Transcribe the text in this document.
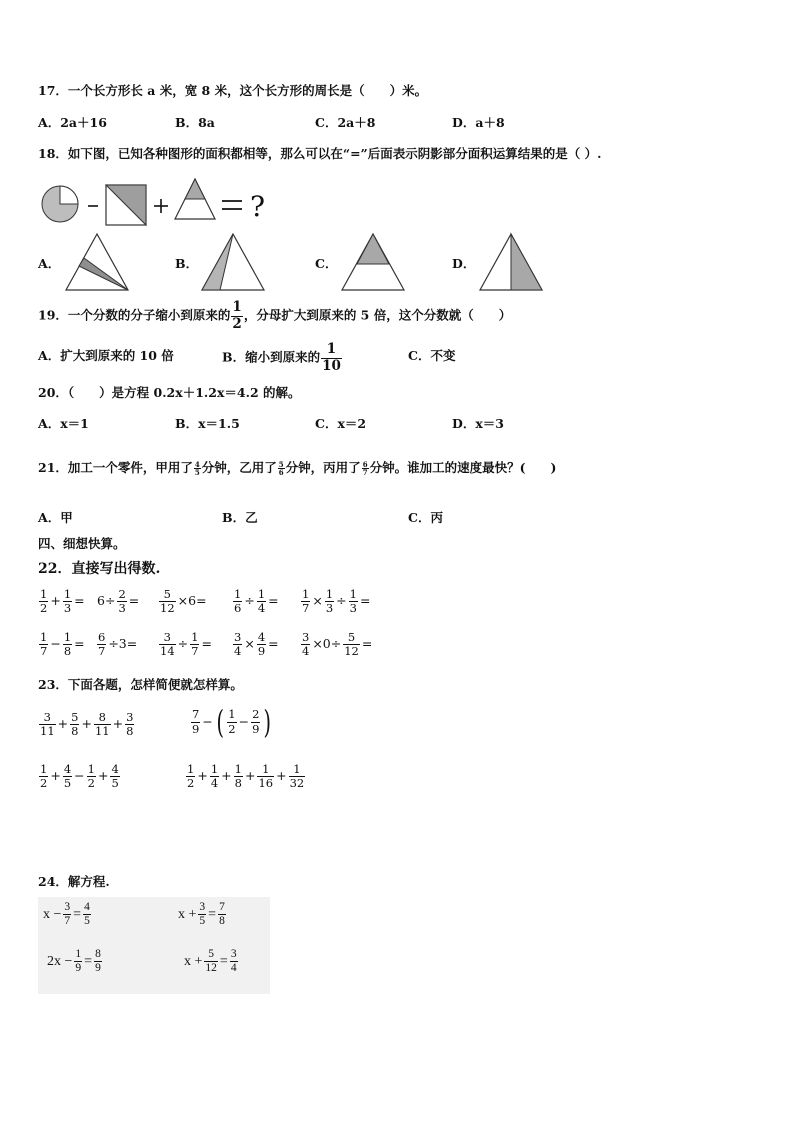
17．一个长方形长 a 米，宽 8 米，这个长方形的周长是（　　）米。
A．2a＋16	B．8a	C．2a＋8	D．a＋8
18．如下图，已知各种图形的面积都相等，那么可以在“=”后面表示阴影部分面积运算结果的是（ ）.
?
A．	B．	C．	D．
19．一个分数的分子缩小到原来的 $\frac{1}{2}$ ，分母扩大到原来的 5 倍，这个分数就（　　）
A．扩大到原来的 10 倍	B．缩小到原来的 $\frac{1}{10}$	C．不变
20．（　　）是方程 0.2x＋1.2x＝4.2 的解。
A．x＝1	B．x＝1.5	C．x＝2	D．x＝3
21．加工一个零件，甲用了 $\frac{4}{5}$ 分钟，乙用了 $\frac{5}{6}$ 分钟，丙用了 $\frac{6}{7}$ 分钟。谁加工的速度最快？(　　)
A．甲	B．乙	C．丙
四、细想快算。
22．直接写出得数.
$\frac{1}{2} + \frac{1}{3} = 6\div \frac{2}{3} = \frac{5}{12} \times 6= \frac{1}{6} \div \frac{1}{4} = \frac{1}{7} \times \frac{1}{3} \div \frac{1}{3}$ =
$\frac{1}{7} - \frac{1}{8} = \frac{6}{7} \div 3= \frac{3}{14} \div \frac{1}{7} = \frac{3}{4} \times \frac{4}{9} = \frac{3}{4} \times 0\div \frac{5}{12}$ =
23．下面各题，怎样简便就怎样算。
$\frac{3}{11} + \frac{5}{8} + \frac{8}{11} + \frac{3}{8}$	$\frac{7}{9}$ − ( $\frac{1}{2} - \frac{2}{9}$ )
$\frac{1}{2} + \frac{4}{5} - \frac{1}{2} + \frac{4}{5}$	$\frac{1}{2} + \frac{1}{4} + \frac{1}{8} + \frac{1}{16} + \frac{1}{32}$
24．解方程.
$x - \frac{3}{7} = \frac{4}{5}$	$x + \frac{3}{5} = \frac{7}{8}$
$2x - \frac{1}{9} = \frac{8}{9}$	$x + \frac{5}{12} = \frac{3}{4}$
